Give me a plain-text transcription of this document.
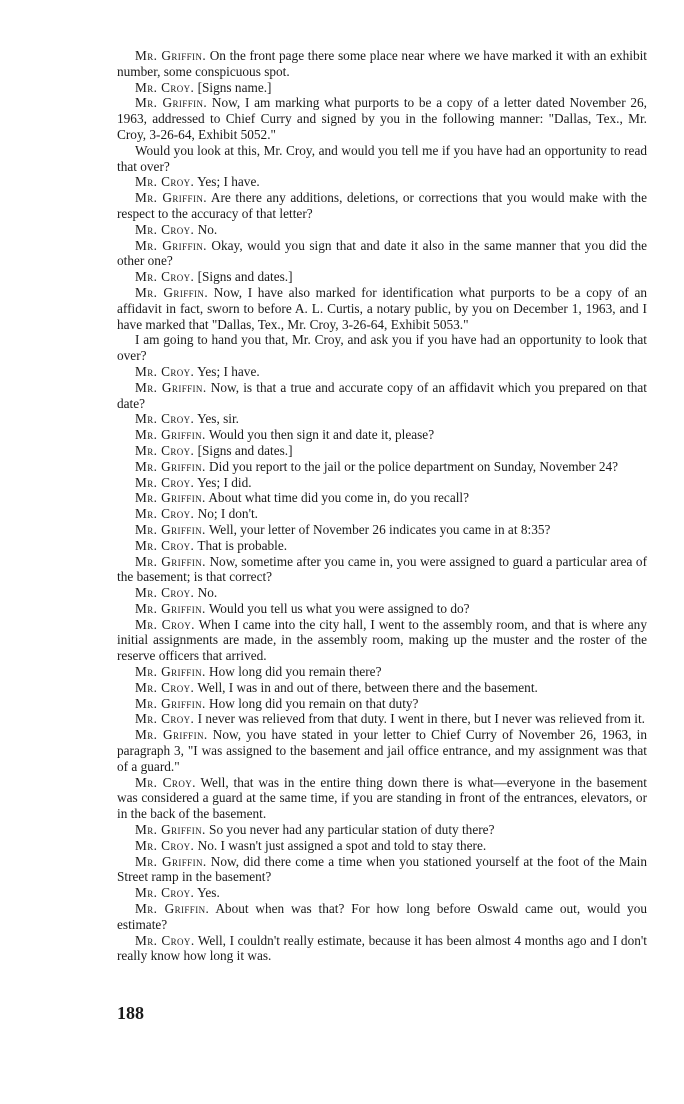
Mr. Griffin. On the front page there some place near where we have marked it with an exhibit number, some conspicuous spot.

Mr. Croy. [Signs name.]

Mr. Griffin. Now, I am marking what purports to be a copy of a letter dated November 26, 1963, addressed to Chief Curry and signed by you in the following manner: "Dallas, Tex., Mr. Croy, 3-26-64, Exhibit 5052."

Would you look at this, Mr. Croy, and would you tell me if you have had an opportunity to read that over?

Mr. Croy. Yes; I have.

Mr. Griffin. Are there any additions, deletions, or corrections that you would make with the respect to the accuracy of that letter?

Mr. Croy. No.

Mr. Griffin. Okay, would you sign that and date it also in the same manner that you did the other one?

Mr. Croy. [Signs and dates.]

Mr. Griffin. Now, I have also marked for identification what purports to be a copy of an affidavit in fact, sworn to before A. L. Curtis, a notary public, by you on December 1, 1963, and I have marked that "Dallas, Tex., Mr. Croy, 3-26-64, Exhibit 5053."

I am going to hand you that, Mr. Croy, and ask you if you have had an opportunity to look that over?

Mr. Croy. Yes; I have.

Mr. Griffin. Now, is that a true and accurate copy of an affidavit which you prepared on that date?

Mr. Croy. Yes, sir.

Mr. Griffin. Would you then sign it and date it, please?

Mr. Croy. [Signs and dates.]

Mr. Griffin. Did you report to the jail or the police department on Sunday, November 24?

Mr. Croy. Yes; I did.

Mr. Griffin. About what time did you come in, do you recall?

Mr. Croy. No; I don't.

Mr. Griffin. Well, your letter of November 26 indicates you came in at 8:35?

Mr. Croy. That is probable.

Mr. Griffin. Now, sometime after you came in, you were assigned to guard a particular area of the basement; is that correct?

Mr. Croy. No.

Mr. Griffin. Would you tell us what you were assigned to do?

Mr. Croy. When I came into the city hall, I went to the assembly room, and that is where any initial assignments are made, in the assembly room, making up the muster and the roster of the reserve officers that arrived.

Mr. Griffin. How long did you remain there?

Mr. Croy. Well, I was in and out of there, between there and the basement.

Mr. Griffin. How long did you remain on that duty?

Mr. Croy. I never was relieved from that duty. I went in there, but I never was relieved from it.

Mr. Griffin. Now, you have stated in your letter to Chief Curry of November 26, 1963, in paragraph 3, "I was assigned to the basement and jail office entrance, and my assignment was that of a guard."

Mr. Croy. Well, that was in the entire thing down there is what—everyone in the basement was considered a guard at the same time, if you are standing in front of the entrances, elevators, or in the back of the basement.

Mr. Griffin. So you never had any particular station of duty there?

Mr. Croy. No. I wasn't just assigned a spot and told to stay there.

Mr. Griffin. Now, did there come a time when you stationed yourself at the foot of the Main Street ramp in the basement?

Mr. Croy. Yes.

Mr. Griffin. About when was that? For how long before Oswald came out, would you estimate?

Mr. Croy. Well, I couldn't really estimate, because it has been almost 4 months ago and I don't really know how long it was.

188
